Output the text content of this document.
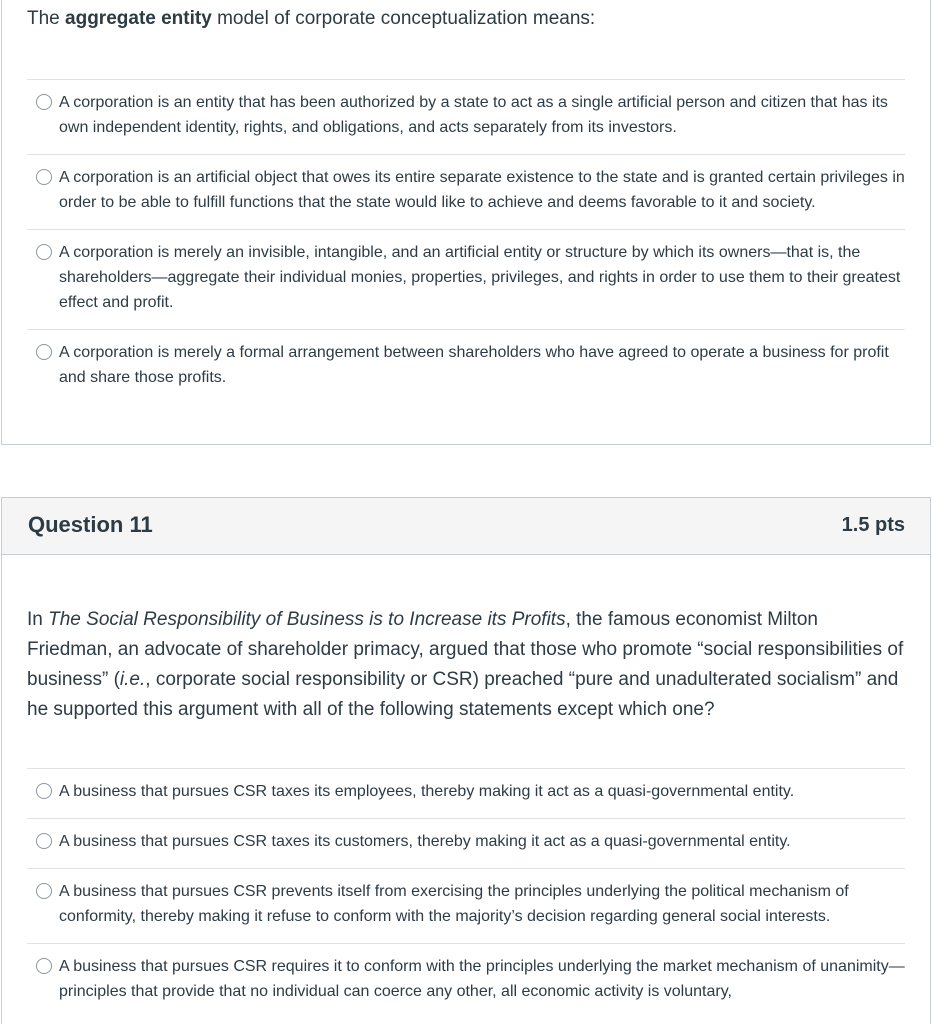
The aggregate entity model of corporate conceptualization means:
A corporation is an entity that has been authorized by a state to act as a single artificial person and citizen that has its own independent identity, rights, and obligations, and acts separately from its investors.
A corporation is an artificial object that owes its entire separate existence to the state and is granted certain privileges in order to be able to fulfill functions that the state would like to achieve and deems favorable to it and society.
A corporation is merely an invisible, intangible, and an artificial entity or structure by which its owners—that is, the shareholders—aggregate their individual monies, properties, privileges, and rights in order to use them to their greatest effect and profit.
A corporation is merely a formal arrangement between shareholders who have agreed to operate a business for profit and share those profits.
Question 11	1.5 pts
In The Social Responsibility of Business is to Increase its Profits, the famous economist Milton Friedman, an advocate of shareholder primacy, argued that those who promote “social responsibilities of business” (i.e., corporate social responsibility or CSR) preached “pure and unadulterated socialism” and he supported this argument with all of the following statements except which one?
A business that pursues CSR taxes its employees, thereby making it act as a quasi-governmental entity.
A business that pursues CSR taxes its customers, thereby making it act as a quasi-governmental entity.
A business that pursues CSR prevents itself from exercising the principles underlying the political mechanism of conformity, thereby making it refuse to conform with the majority’s decision regarding general social interests.
A business that pursues CSR requires it to conform with the principles underlying the market mechanism of unanimity—principles that provide that no individual can coerce any other, all economic activity is voluntary,
